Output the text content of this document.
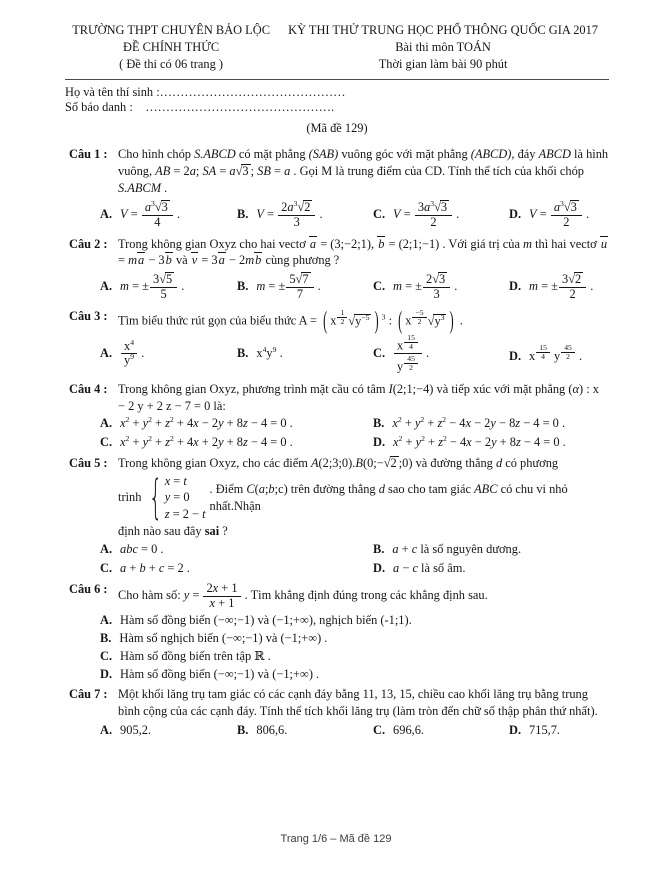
TRƯỜNG THPT CHUYÊN BẢO LỘC
ĐỀ CHÍNH THỨC
( Đề thi có 06 trang )
KỲ THI THỬ TRUNG HỌC PHỔ THÔNG QUỐC GIA 2017
Bài thi môn TOÁN
Thời gian làm bài 90 phút
Họ và tên thí sinh :………………………………………
Số báo danh :    ……………………………………….
(Mã đề 129)
Câu 1 : Cho hình chóp S.ABCD có mặt phẳng (SAB) vuông góc với mặt phẳng (ABCD), đáy ABCD là hình vuông, AB = 2a; SA = a√3 ; SB = a . Gọi M là trung điểm của CD. Tính thể tích của khối chóp S.ABCM .
A. $V = \frac{a^3√3}{4}$ .	B. $V = \frac{2a^3√2}{3}$ .	C. $V = \frac{3a^3√3}{2}$ .	D. $V = \frac{a^3√3}{2}$ .
Câu 2 : Trong không gian Oxyz cho hai vectơ a = (3;−2;1), b = (2;1;−1) . Với giá trị của m thì hai vectơ u = ma − 3b và v = 3a − 2mb cùng phương ?
A. m = ± $\frac{3√5}{5}$ .	B. m = ± $\frac{5√7}{7}$ .	C. m = ± $\frac{2√3}{3}$ .	D. m = ± $\frac{3√2}{2}$ .
Câu 3 : Tìm biểu thức rút gọn của biểu thức A = ( x $^{\frac{1}{2}}$ $√y^{-5}$ ) $^3$ : ( x $^{\frac{-5}{2}}$ $√y^3$ ) .
A. $\frac{x^4}{y^9}$ .	B. $x^4y^9$ .	C. x $^{\frac{15}{4}}$
y $^{\frac{45}{2}}$ .	D. x $^{\frac{15}{4}}$ y $^{\frac{45}{2}}$ .
Câu 4 : Trong không gian Oxyz, phương trình mặt cầu có tâm I(2;1;−4) và tiếp xúc với mặt phẳng (α) : x − 2 y + 2 z − 7 = 0 là:
A. $x^2 + y^2 + z^2 + 4x - 2y + 8z - 4 = 0$ .	B. $x^2 + y^2 + z^2 - 4x - 2y - 8z - 4 = 0$ .
C. $x^2 + y^2 + z^2 + 4x + 2y + 8z - 4 = 0$ .	D. $x^2 + y^2 + z^2 - 4x - 2y + 8z - 4 = 0$ .
Câu 5 : Trong không gian Oxyz, cho các điểm A(2;3;0).B(0;−√2 ;0) và đường thẳng d có phương
trình { x = t
y = 0
z = 2 − t
. Điểm C(a;b;c) trên đường thẳng d sao cho tam giác ABC có chu vi nhỏ nhất.Nhận
định nào sau đây sai ?
A. abc = 0 .	B. a + c là số nguyên dương.
C. a + b + c = 2 .	D. a − c là số âm.
Câu 6 : Cho hàm số: $y = \frac{2x + 1}{x + 1}$ . Tìm khẳng định đúng trong các khẳng định sau.
A. Hàm số đồng biến (−∞;−1) và (−1;+∞), nghịch biến (-1;1).
B. Hàm số nghịch biến (−∞;−1) và (−1;+∞) .
C. Hàm số đồng biến trên tập ℝ .
D. Hàm số đồng biến (−∞;−1) và (−1;+∞) .
Câu 7 : Một khối lăng trụ tam giác có các cạnh đáy bằng 11, 13, 15, chiều cao khối lăng trụ bằng trung bình cộng của các cạnh đáy. Tính thể tích khối lăng trụ (làm tròn đến chữ số thập phân thứ nhất).
A. 905,2.	B. 806,6.	C. 696,6.	D. 715,7.
Trang 1/6 – Mã đề 129
